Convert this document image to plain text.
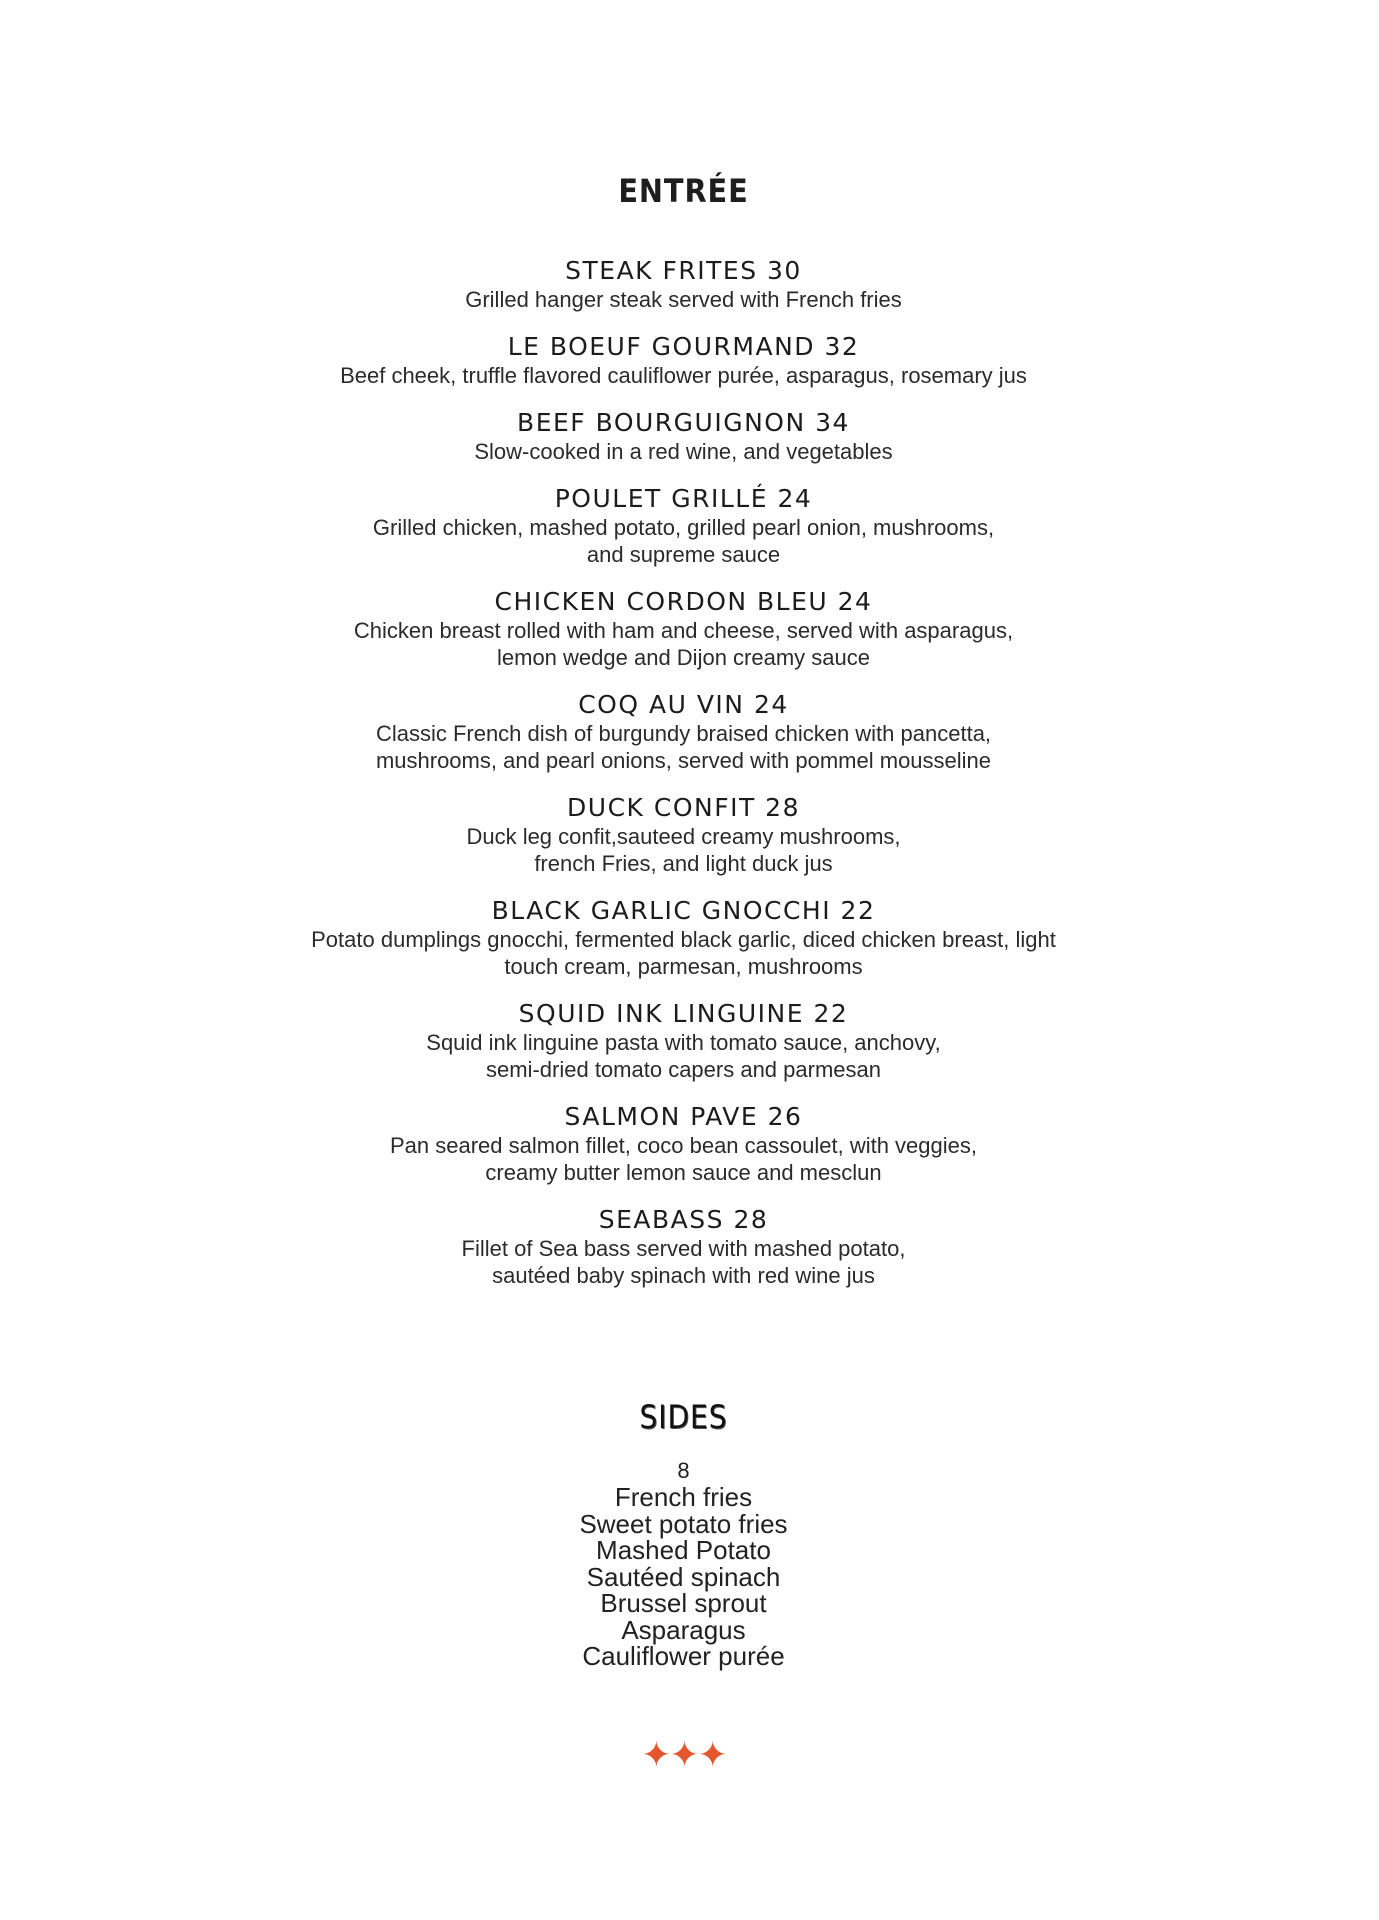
ENTRÉE
STEAK FRITES 30
Grilled hanger steak served with French fries
LE BOEUF GOURMAND 32
Beef cheek, truffle flavored cauliflower purée, asparagus, rosemary jus
BEEF BOURGUIGNON 34
Slow-cooked in a red wine, and vegetables
POULET GRILLÉ 24
Grilled chicken, mashed potato, grilled pearl onion, mushrooms,
and supreme sauce
CHICKEN CORDON BLEU 24
Chicken breast rolled with ham and cheese, served with asparagus,
lemon wedge and Dijon creamy sauce
COQ AU VIN 24
Classic French dish of burgundy braised chicken with pancetta,
mushrooms, and pearl onions, served with pommel mousseline
DUCK CONFIT 28
Duck leg confit,sauteed creamy mushrooms,
french Fries, and light duck jus
BLACK GARLIC GNOCCHI 22
Potato dumplings gnocchi, fermented black garlic, diced chicken breast, light
touch cream, parmesan, mushrooms
SQUID INK LINGUINE 22
Squid ink linguine pasta with tomato sauce, anchovy,
semi-dried tomato capers and parmesan
SALMON PAVE 26
Pan seared salmon fillet, coco bean cassoulet, with veggies,
creamy butter lemon sauce and mesclun
SEABASS 28
Fillet of Sea bass served with mashed potato,
sautéed baby spinach with red wine jus
SIDES
8
French fries
Sweet potato fries
Mashed Potato
Sautéed spinach
Brussel sprout
Asparagus
Cauliflower purée
✦✦✦
